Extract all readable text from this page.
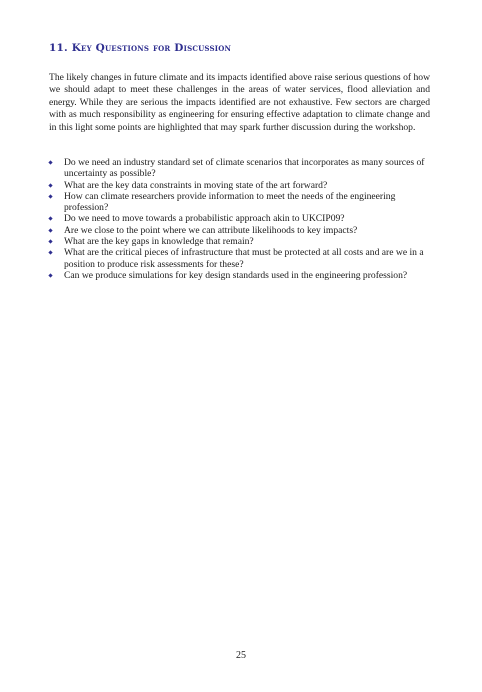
11. Key Questions for Discussion

The likely changes in future climate and its impacts identified above raise serious questions of how we should adapt to meet these challenges in the areas of water services, flood alleviation and energy. While they are serious the impacts identified are not exhaustive. Few sectors are charged with as much responsibility as engineering for ensuring effective adaptation to climate change and in this light some points are highlighted that may spark further discussion during the workshop.

Do we need an industry standard set of climate scenarios that incorporates as many sources of uncertainty as possible?
What are the key data constraints in moving state of the art forward?
How can climate researchers provide information to meet the needs of the engineering profession?
Do we need to move towards a probabilistic approach akin to UKCIP09?
Are we close to the point where we can attribute likelihoods to key impacts?
What are the key gaps in knowledge that remain?
What are the critical pieces of infrastructure that must be protected at all costs and are we in a position to produce risk assessments for these?
Can we produce simulations for key design standards used in the engineering profession?
25
